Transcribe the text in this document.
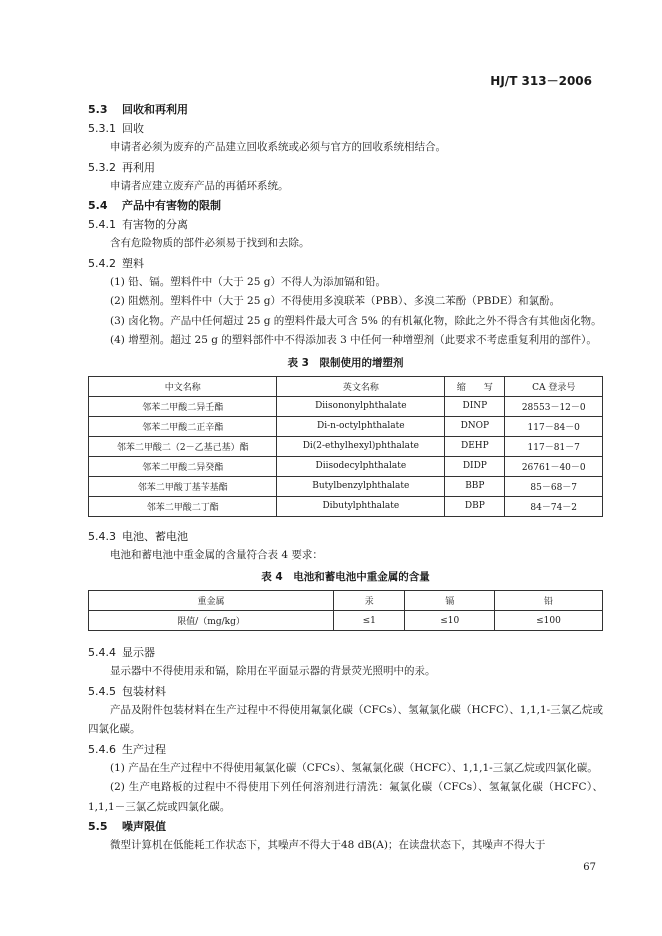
HJ/T 313－2006
5.3 回收和再利用
5.3.1 回收
申请者必须为废弃的产品建立回收系统或必须与官方的回收系统相结合。
5.3.2 再利用
申请者应建立废弃产品的再循环系统。
5.4 产品中有害物的限制
5.4.1 有害物的分离
含有危险物质的部件必须易于找到和去除。
5.4.2 塑料
(1) 铅、镉。塑料件中（大于 25 g）不得人为添加镉和铅。
(2) 阻燃剂。塑料件中（大于 25 g）不得使用多溴联苯（PBB）、多溴二苯酚（PBDE）和氯酚。
(3) 卤化物。产品中任何超过 25 g 的塑料件最大可含 5% 的有机氟化物，除此之外不得含有其他卤化物。
(4) 增塑剂。超过 25 g 的塑料部件中不得添加表 3 中任何一种增塑剂（此要求不考虑重复利用的部件）。
表 3　限制使用的增塑剂
中文名称	英文名称	缩　　写	CA 登录号
邻苯二甲酸二异壬酯	Diisononylphthalate	DINP	28553－12－0
邻苯二甲酸二正辛酯	Di-n-octylphthalate	DNOP	117－84－0
邻苯二甲酸二（2－乙基己基）酯	Di(2-ethylhexyl)phthalate	DEHP	117－81－7
邻苯二甲酸二异癸酯	Diisodecylphthalate	DIDP	26761－40－0
邻苯二甲酸丁基苄基酯	Butylbenzylphthalate	BBP	85－68－7
邻苯二甲酸二丁酯	Dibutylphthalate	DBP	84－74－2
5.4.3 电池、蓄电池
电池和蓄电池中重金属的含量符合表 4 要求：
表 4　电池和蓄电池中重金属的含量
重金属	汞	镉	铅
限值/（mg/kg）	≤1	≤10	≤100
5.4.4 显示器
显示器中不得使用汞和镉，除用在平面显示器的背景荧光照明中的汞。
5.4.5 包装材料
产品及附件包装材料在生产过程中不得使用氟氯化碳（CFCs）、氢氟氯化碳（HCFC）、1,1,1-三氯乙烷或四氯化碳。
5.4.6 生产过程
(1) 产品在生产过程中不得使用氟氯化碳（CFCs）、氢氟氯化碳（HCFC）、1,1,1-三氯乙烷或四氯化碳。
(2) 生产电路板的过程中不得使用下列任何溶剂进行清洗：氟氯化碳（CFCs）、氢氟氯化碳（HCFC）、1,1,1－三氯乙烷或四氯化碳。
5.5 噪声限值
微型计算机在低能耗工作状态下，其噪声不得大于48 dB(A)；在读盘状态下，其噪声不得大于
67
